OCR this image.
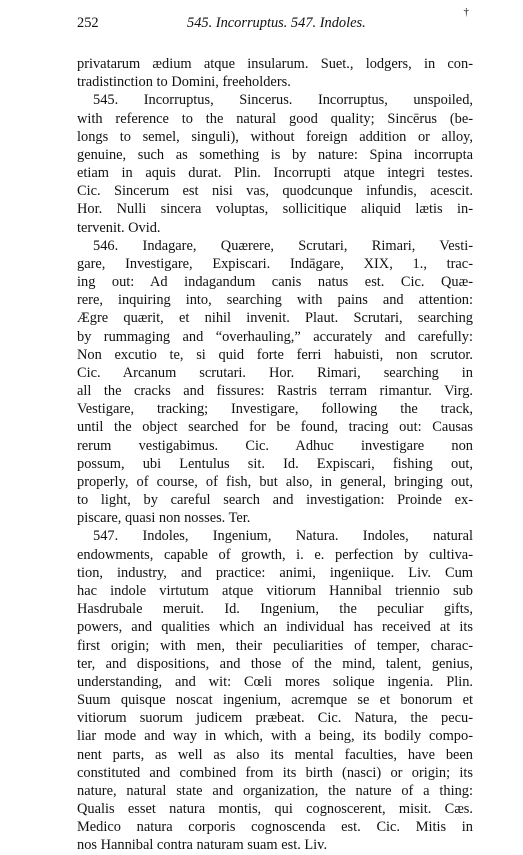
252	545. Incorruptus. 547. Indoles.
†
privatarum ædium atque insularum. Suet., lodgers, in con-
tradistinction to Domini, freeholders.
545. Incorruptus, Sincerus. Incorruptus, unspoiled,
with reference to the natural good quality; Sincērus (be-
longs to semel, singuli), without foreign addition or alloy,
genuine, such as something is by nature: Spina incorrupta
etiam in aquis durat. Plin. Incorrupti atque integri testes.
Cic. Sincerum est nisi vas, quodcunque infundis, acescit.
Hor. Nulli sincera voluptas, sollicitique aliquid lætis in-
tervenit. Ovid.
546. Indagare, Quærere, Scrutari, Rimari, Vesti-
gare, Investigare, Expiscari. Indāgare, XIX, 1., trac-
ing out: Ad indagandum canis natus est. Cic. Quæ-
rere, inquiring into, searching with pains and attention:
Ægre quærit, et nihil invenit. Plaut. Scrutari, searching
by rummaging and “overhauling,” accurately and carefully:
Non excutio te, si quid forte ferri habuisti, non scrutor.
Cic. Arcanum scrutari. Hor. Rimari, searching in
all the cracks and fissures: Rastris terram rimantur. Virg.
Vestigare, tracking; Investigare, following the track,
until the object searched for be found, tracing out: Causas
rerum vestigabimus. Cic. Adhuc investigare non
possum, ubi Lentulus sit. Id. Expiscari, fishing out,
properly, of course, of fish, but also, in general, bringing out,
to light, by careful search and investigation: Proinde ex-
piscare, quasi non nosses. Ter.
547. Indoles, Ingenium, Natura. Indoles, natural
endowments, capable of growth, i. e. perfection by cultiva-
tion, industry, and practice: animi, ingeniique. Liv. Cum
hac indole virtutum atque vitiorum Hannibal triennio sub
Hasdrubale meruit. Id. Ingenium, the peculiar gifts,
powers, and qualities which an individual has received at its
first origin; with men, their peculiarities of temper, charac-
ter, and dispositions, and those of the mind, talent, genius,
understanding, and wit: Cœli mores solique ingenia. Plin.
Suum quisque noscat ingenium, acremque se et bonorum et
vitiorum suorum judicem præbeat. Cic. Natura, the pecu-
liar mode and way in which, with a being, its bodily compo-
nent parts, as well as also its mental faculties, have been
constituted and combined from its birth (nasci) or origin; its
nature, natural state and organization, the nature of a thing:
Qualis esset natura montis, qui cognoscerent, misit. Cæs.
Medico natura corporis cognoscenda est. Cic. Mitis in
nos Hannibal contra naturam suam est. Liv.
